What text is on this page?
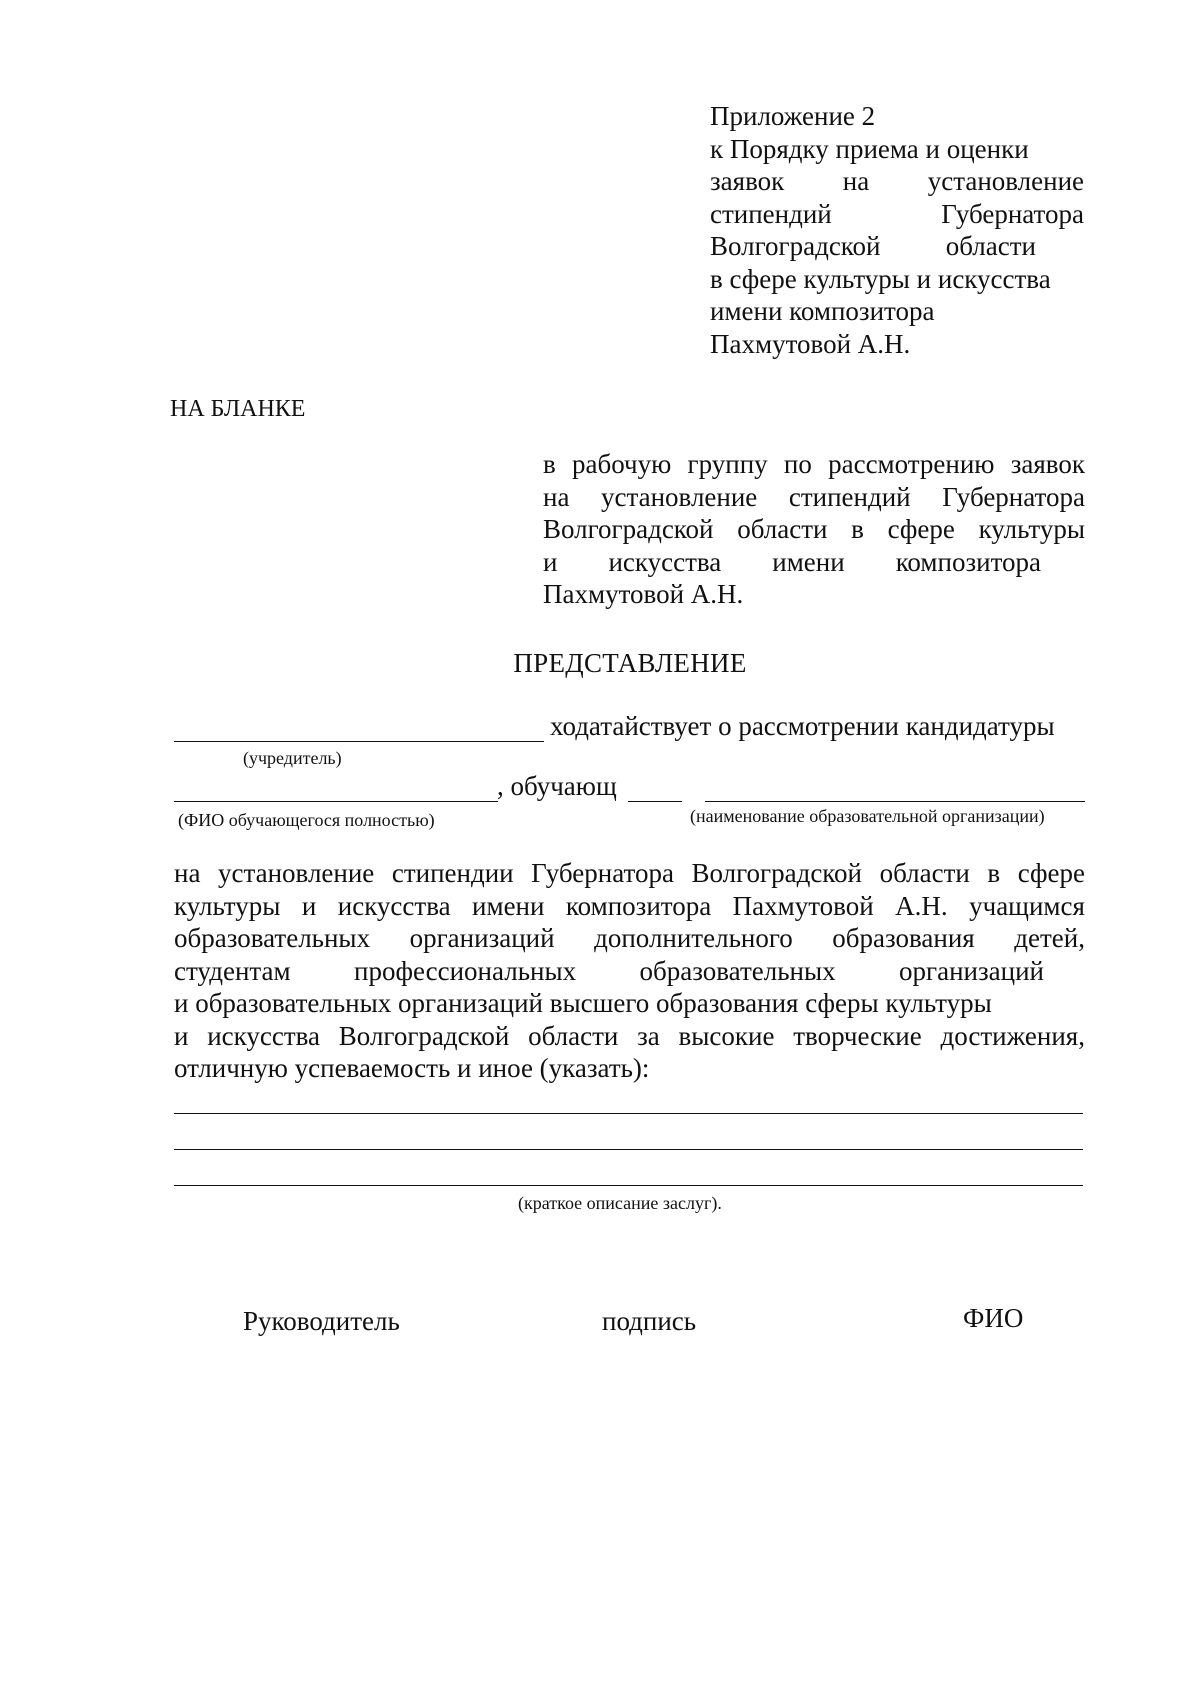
Приложение 2
к Порядку приема и оценки
заявок на установление
стипендий	Губернатора
Волгоградской области
в сфере культуры и искусства
имени композитора
Пахмутовой А.Н.
НА БЛАНКЕ
в рабочую группу по рассмотрению заявок
на установление стипендий Губернатора
Волгоградской области в сфере культуры
и искусства имени композитора
Пахмутовой А.Н.
ПРЕДСТАВЛЕНИЕ
ходатайствует о рассмотрении кандидатуры
(учредитель)
, обучающ
(ФИО обучающегося полностью)	(наименование образовательной организации)
на установление стипендии Губернатора Волгоградской области в сфере
культуры и искусства имени композитора Пахмутовой А.Н. учащимся
образовательных организаций дополнительного образования детей,
студентам профессиональных образовательных организаций
и образовательных организаций высшего образования сферы культуры
и искусства Волгоградской области за высокие творческие достижения,
отличную успеваемость и иное (указать):
(краткое описание заслуг).
Руководитель	подпись	ФИО
